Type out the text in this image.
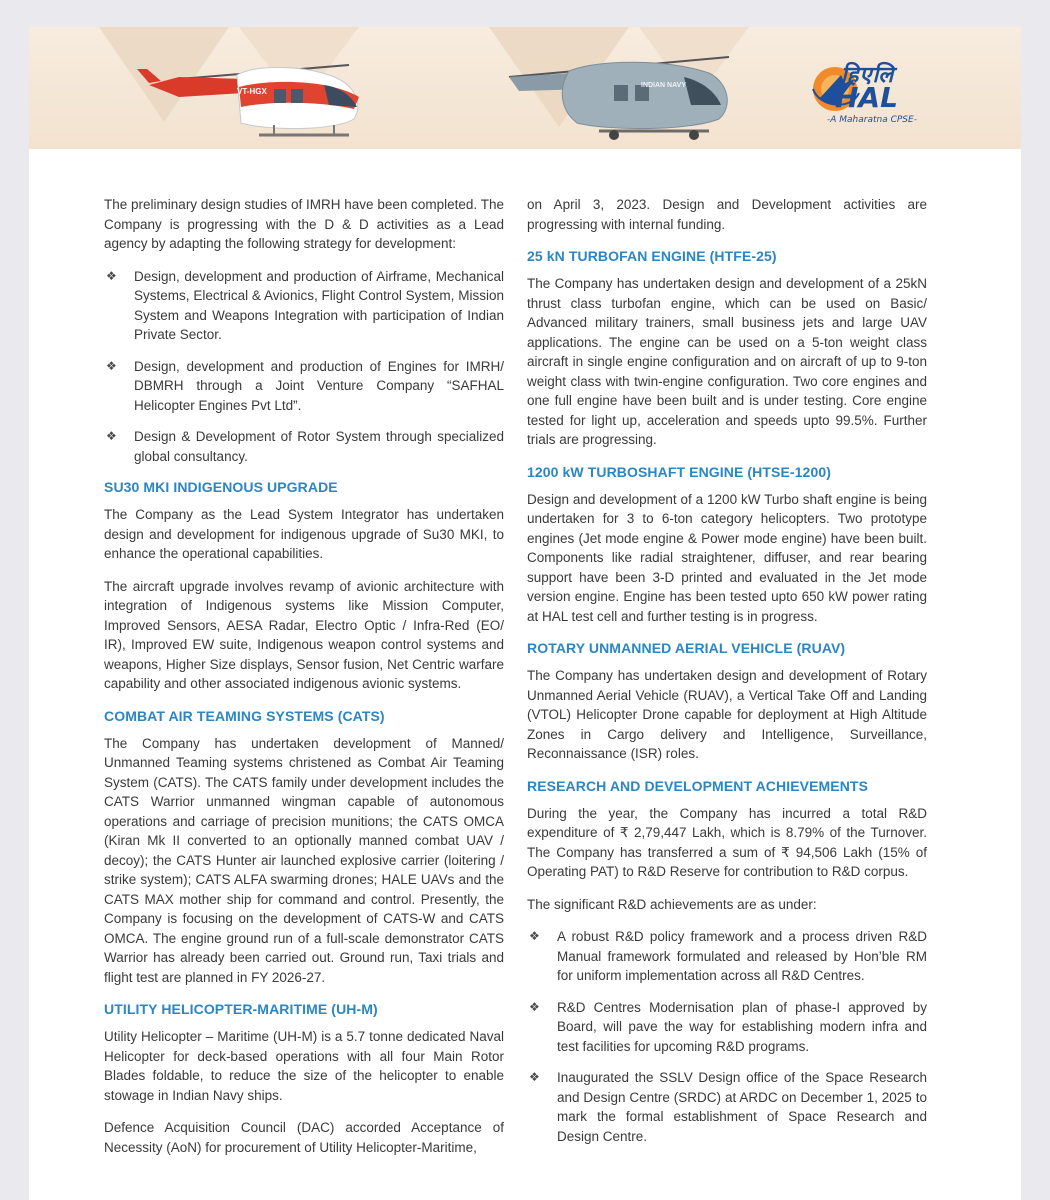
VT-HGX
INDIAN NAVY	हिएलि
HAL
-A Maharatna CPSE-

The preliminary design studies of IMRH have been completed. The Company is progressing with the D & D activities as a Lead agency by adapting the following strategy for development:

❖ Design, development and production of Airframe, Mechanical Systems, Electrical & Avionics, Flight Control System, Mission System and Weapons Integration with participation of Indian Private Sector.
❖ Design, development and production of Engines for IMRH/ DBMRH through a Joint Venture Company “SAFHAL Helicopter Engines Pvt Ltd”.
❖ Design & Development of Rotor System through specialized global consultancy.
SU30 MKI INDIGENOUS UPGRADE

The Company as the Lead System Integrator has undertaken design and development for indigenous upgrade of Su30 MKI, to enhance the operational capabilities.

The aircraft upgrade involves revamp of avionic architecture with integration of Indigenous systems like Mission Computer, Improved Sensors, AESA Radar, Electro Optic / Infra-Red (EO/ IR), Improved EW suite, Indigenous weapon control systems and weapons, Higher Size displays, Sensor fusion, Net Centric warfare capability and other associated indigenous avionic systems.

COMBAT AIR TEAMING SYSTEMS (CATS)

The Company has undertaken development of Manned/ Unmanned Teaming systems christened as Combat Air Teaming System (CATS). The CATS family under development includes the CATS Warrior unmanned wingman capable of autonomous operations and carriage of precision munitions; the CATS OMCA (Kiran Mk II converted to an optionally manned combat UAV / decoy); the CATS Hunter air launched explosive carrier (loitering / strike system); CATS ALFA swarming drones; HALE UAVs and the CATS MAX mother ship for command and control. Presently, the Company is focusing on the development of CATS-W and CATS OMCA. The engine ground run of a full-scale demonstrator CATS Warrior has already been carried out. Ground run, Taxi trials and flight test are planned in FY 2026-27.

UTILITY HELICOPTER-MARITIME (UH-M)

Utility Helicopter – Maritime (UH-M) is a 5.7 tonne dedicated Naval Helicopter for deck-based operations with all four Main Rotor Blades foldable, to reduce the size of the helicopter to enable stowage in Indian Navy ships.

Defence Acquisition Council (DAC) accorded Acceptance of Necessity (AoN) for procurement of Utility Helicopter-Maritime,

on April 3, 2023. Design and Development activities are progressing with internal funding.

25 kN TURBOFAN ENGINE (HTFE-25)

The Company has undertaken design and development of a 25kN thrust class turbofan engine, which can be used on Basic/ Advanced military trainers, small business jets and large UAV applications. The engine can be used on a 5-ton weight class aircraft in single engine configuration and on aircraft of up to 9-ton weight class with twin-engine configuration. Two core engines and one full engine have been built and is under testing. Core engine tested for light up, acceleration and speeds upto 99.5%. Further trials are progressing.

1200 kW TURBOSHAFT ENGINE (HTSE-1200)

Design and development of a 1200 kW Turbo shaft engine is being undertaken for 3 to 6-ton category helicopters. Two prototype engines (Jet mode engine & Power mode engine) have been built. Components like radial straightener, diffuser, and rear bearing support have been 3-D printed and evaluated in the Jet mode version engine. Engine has been tested upto 650 kW power rating at HAL test cell and further testing is in progress.

ROTARY UNMANNED AERIAL VEHICLE (RUAV)

The Company has undertaken design and development of Rotary Unmanned Aerial Vehicle (RUAV), a Vertical Take Off and Landing (VTOL) Helicopter Drone capable for deployment at High Altitude Zones in Cargo delivery and Intelligence, Surveillance, Reconnaissance (ISR) roles.

RESEARCH AND DEVELOPMENT ACHIEVEMENTS

During the year, the Company has incurred a total R&D expenditure of ₹ 2,79,447 Lakh, which is 8.79% of the Turnover. The Company has transferred a sum of ₹ 94,506 Lakh (15% of Operating PAT) to R&D Reserve for contribution to R&D corpus.

The significant R&D achievements are as under:

❖ A robust R&D policy framework and a process driven R&D Manual framework formulated and released by Hon’ble RM for uniform implementation across all R&D Centres.
❖ R&D Centres Modernisation plan of phase-I approved by Board, will pave the way for establishing modern infra and test facilities for upcoming R&D programs.
❖ Inaugurated the SSLV Design office of the Space Research and Design Centre (SRDC) at ARDC on December 1, 2025 to mark the formal establishment of Space Research and Design Centre.
